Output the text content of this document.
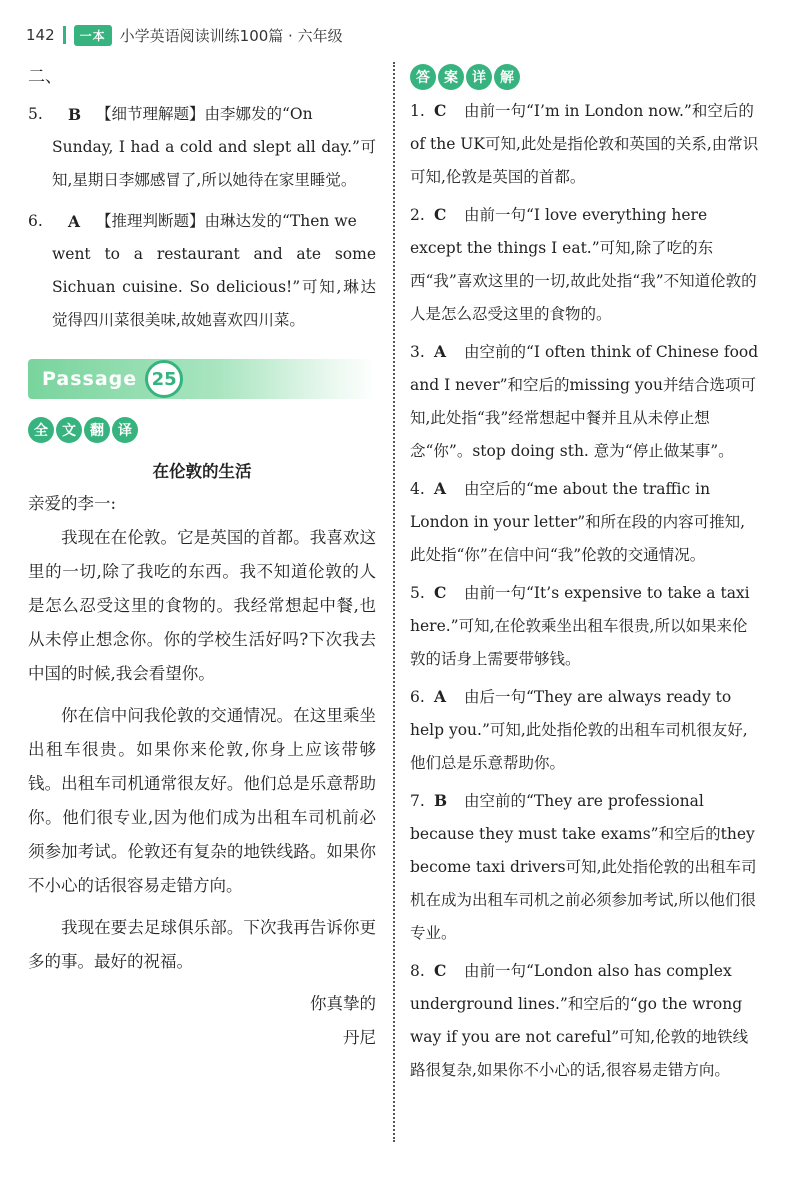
142	一本 小学英语阅读训练100篇 · 六年级
二、
5.	B 【细节理解题】由李娜发的“On
Sunday, I had a cold and slept all day.”可知,星期日李娜感冒了,所以她待在家里睡觉。
6.	A	【推理判断题】由琳达发的“Then we
went to a restaurant and ate some Sichuan cuisine. So delicious!”可知,琳达觉得四川菜很美味,故她喜欢四川菜。
Passage 25
全	文	翻	译
在伦敦的生活
亲爱的李一:

我现在在伦敦。它是英国的首都。我喜欢这里的一切,除了我吃的东西。我不知道伦敦的人是怎么忍受这里的食物的。我经常想起中餐,也从未停止想念你。你的学校生活好吗?下次我去中国的时候,我会看望你。

你在信中问我伦敦的交通情况。在这里乘坐出租车很贵。如果你来伦敦,你身上应该带够钱。出租车司机通常很友好。他们总是乐意帮助你。他们很专业,因为他们成为出租车司机前必须参加考试。伦敦还有复杂的地铁线路。如果你不小心的话很容易走错方向。

我现在要去足球俱乐部。下次我再告诉你更多的事。最好的祝福。

你真挚的
丹尼
答	案	详	解
1. C 由前一句“I’m in London now.”和空后的of the UK可知,此处是指伦敦和英国的关系,由常识可知,伦敦是英国的首都。
2. C 由前一句“I love everything here except the things I eat.”可知,除了吃的东西“我”喜欢这里的一切,故此处指“我”不知道伦敦的人是怎么忍受这里的食物的。
3. A 由空前的“I often think of Chinese food and I never”和空后的missing you并结合选项可知,此处指“我”经常想起中餐并且从未停止想念“你”。stop doing sth. 意为“停止做某事”。
4. A 由空后的“me about the traffic in London in your letter”和所在段的内容可推知,此处指“你”在信中问“我”伦敦的交通情况。
5. C 由前一句“It’s expensive to take a taxi here.”可知,在伦敦乘坐出租车很贵,所以如果来伦敦的话身上需要带够钱。
6. A 由后一句“They are always ready to help you.”可知,此处指伦敦的出租车司机很友好,他们总是乐意帮助你。
7. B 由空前的“They are professional because they must take exams”和空后的they become taxi drivers可知,此处指伦敦的出租车司机在成为出租车司机之前必须参加考试,所以他们很专业。
8. C 由前一句“London also has complex underground lines.”和空后的“go the wrong way if you are not careful”可知,伦敦的地铁线路很复杂,如果你不小心的话,很容易走错方向。
